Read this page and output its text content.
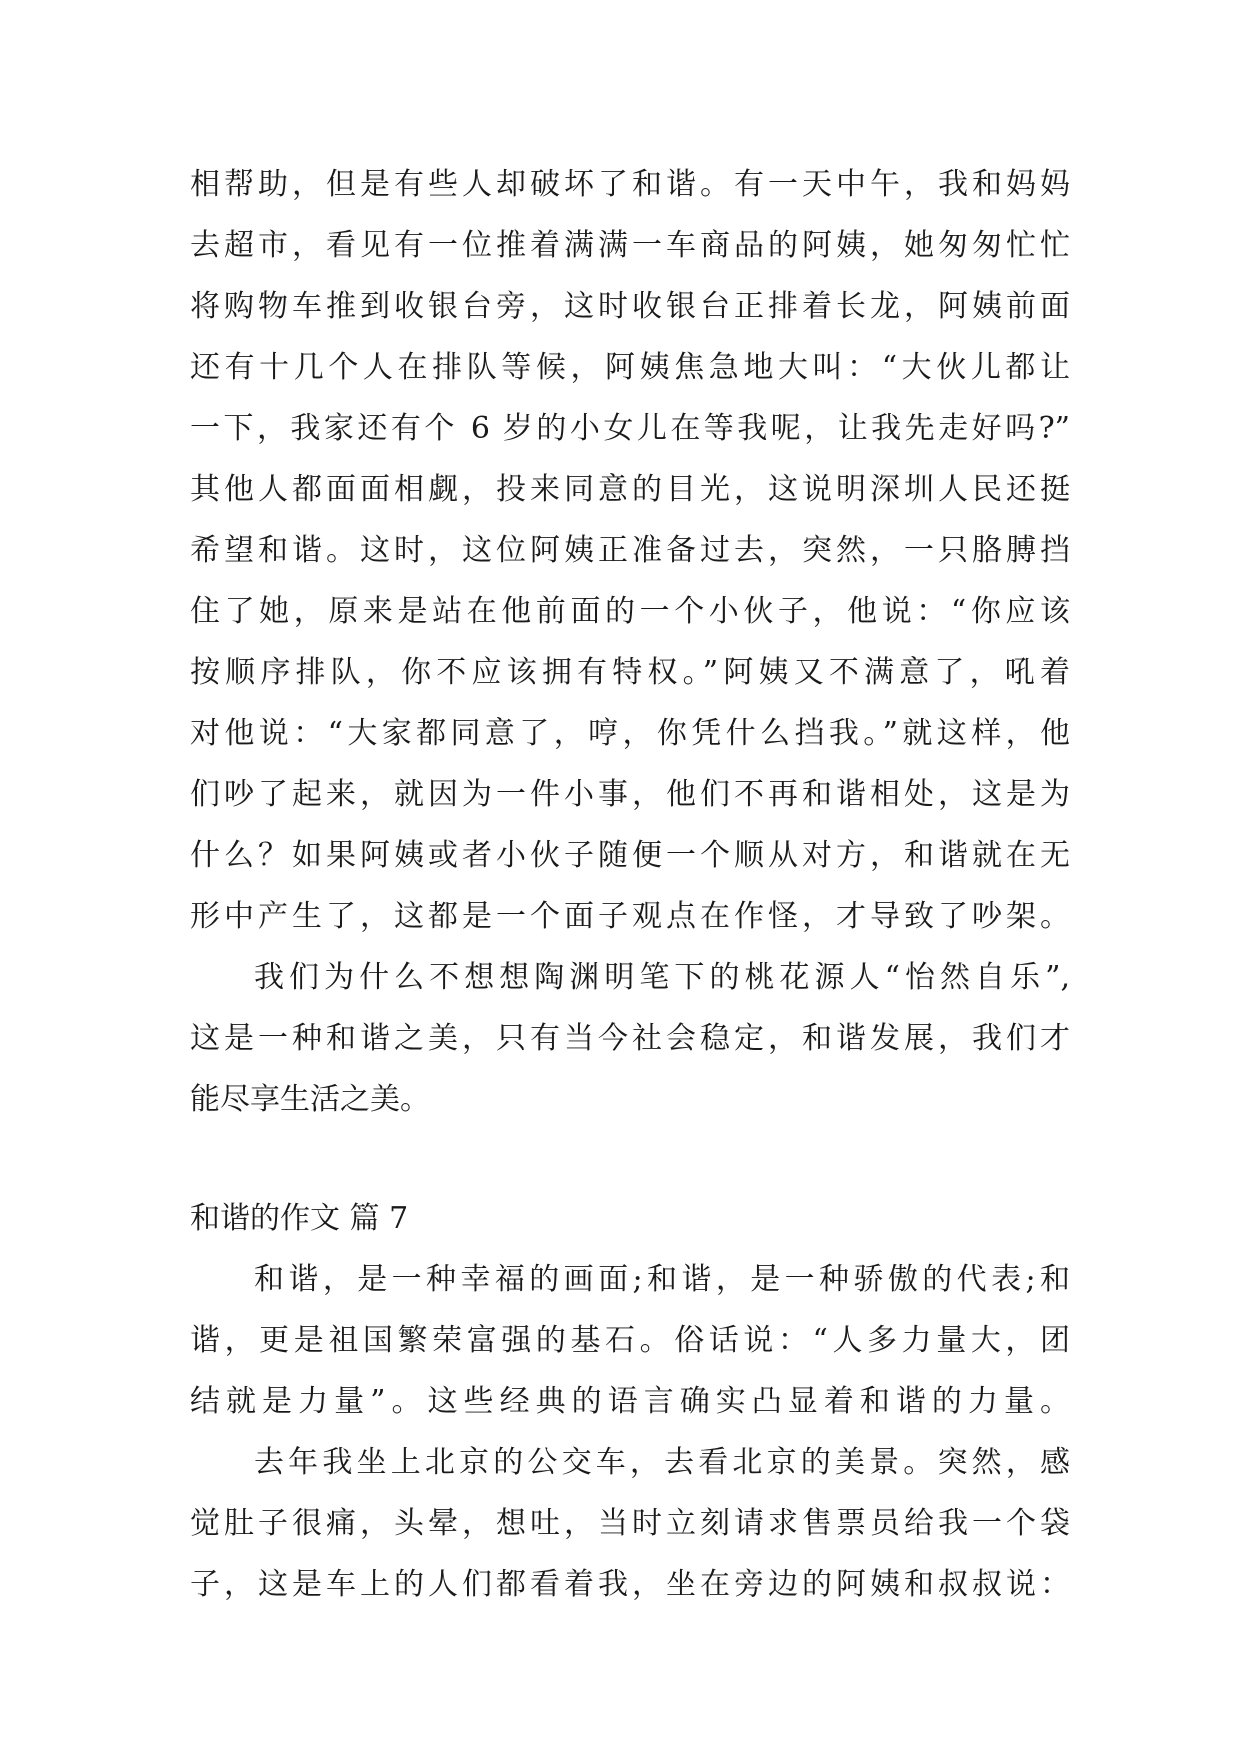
相帮助，但是有些人却破坏了和谐。有一天中午，我和妈妈
去超市，看见有一位推着满满一车商品的阿姨，她匆匆忙忙
将购物车推到收银台旁，这时收银台正排着长龙，阿姨前面
还有十几个人在排队等候，阿姨焦急地大叫：“大伙儿都让
一下，我家还有个 6 岁的小女儿在等我呢，让我先走好吗?”
其他人都面面相觑，投来同意的目光，这说明深圳人民还挺
希望和谐。这时，这位阿姨正准备过去，突然，一只胳膊挡
住了她，原来是站在他前面的一个小伙子，他说：“你应该
按顺序排队，你不应该拥有特权。”阿姨又不满意了，吼着
对他说：“大家都同意了，哼，你凭什么挡我。”就这样，他
们吵了起来，就因为一件小事，他们不再和谐相处，这是为
什么？如果阿姨或者小伙子随便一个顺从对方，和谐就在无
形中产生了，这都是一个面子观点在作怪，才导致了吵架。
我们为什么不想想陶渊明笔下的桃花源人“怡然自乐”,
这是一种和谐之美，只有当今社会稳定，和谐发展，我们才
能尽享生活之美。
和谐的作文 篇 7
和谐，是一种幸福的画面;和谐，是一种骄傲的代表;和
谐，更是祖国繁荣富强的基石。俗话说：“人多力量大，团
结就是力量”。这些经典的语言确实凸显着和谐的力量。
去年我坐上北京的公交车，去看北京的美景。突然，感
觉肚子很痛，头晕，想吐，当时立刻请求售票员给我一个袋
子，这是车上的人们都看着我，坐在旁边的阿姨和叔叔说：
